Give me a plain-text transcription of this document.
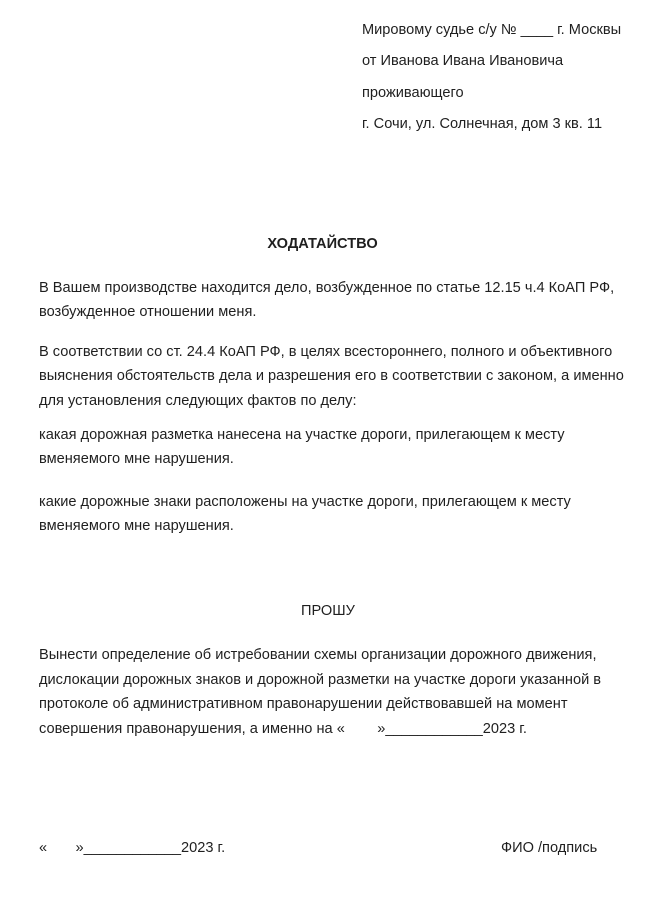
Мировому судье с/у № ____ г. Москвы
от Иванова Ивана Ивановича
проживающего
г. Сочи, ул. Солнечная, дом 3 кв. 11
ХОДАТАЙСТВО
В Вашем производстве находится дело, возбужденное по статье 12.15 ч.4 КоАП РФ,
возбужденное отношении меня.
В соответствии со ст. 24.4 КоАП РФ, в целях всестороннего, полного и объективного
выяснения обстоятельств дела и разрешения его в соответствии с законом, а именно
для установления следующих фактов по делу:
какая дорожная разметка нанесена на участке дороги, прилегающем к месту
вменяемого мне нарушения.
какие дорожные знаки расположены на участке дороги, прилегающем к месту
вменяемого мне нарушения.
ПРОШУ
Вынести определение об истребовании схемы организации дорожного движения,
дислокации дорожных знаков и дорожной разметки на участке дороги указанной в
протоколе об административном правонарушении действовавшей на момент
совершения правонарушения, а именно на «        »____________2023 г.
«       »____________2023 г.	ФИО /подпись
